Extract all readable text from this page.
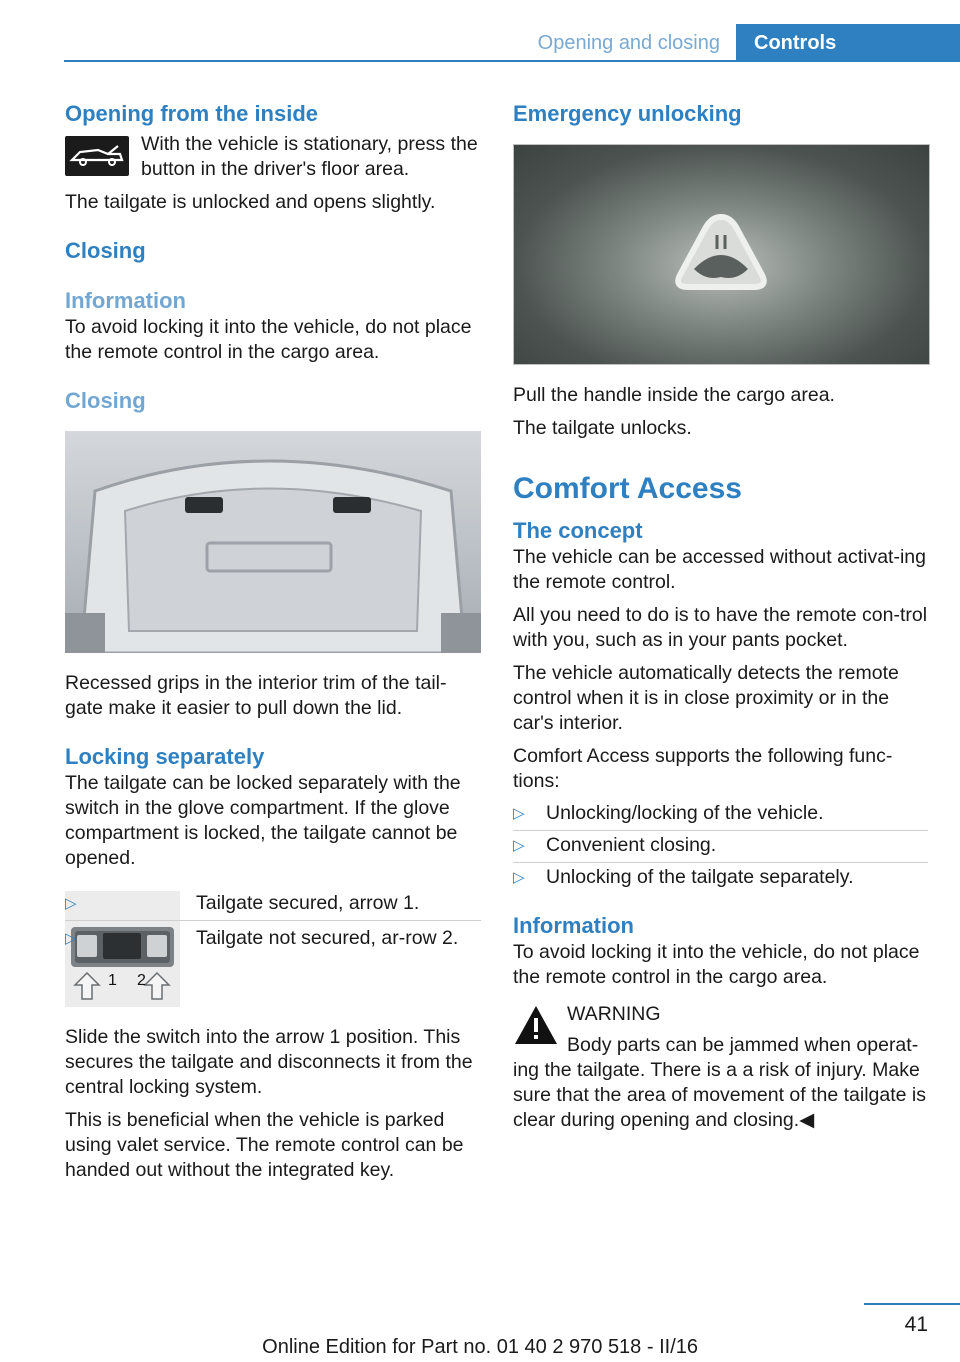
Opening and closing	Controls
Opening from the inside

With the vehicle is stationary, press the button in the driver's floor area.

The tailgate is unlocked and opens slightly.

Closing
Information

To avoid locking it into the vehicle, do not place the remote control in the cargo area.

Closing

Recessed grips in the interior trim of the tail‐gate make it easier to pull down the lid.

Locking separately

The tailgate can be locked separately with the switch in the glove compartment. If the glove compartment is locked, the tailgate cannot be opened.

1 2
▷	Tailgate secured, arrow 1.
▷	Tailgate not secured, ar‐row 2.

Slide the switch into the arrow 1 position. This secures the tailgate and disconnects it from the central locking system.

This is beneficial when the vehicle is parked using valet service. The remote control can be handed out without the integrated key.

Emergency unlocking

Pull the handle inside the cargo area.

The tailgate unlocks.

Comfort Access
The concept

The vehicle can be accessed without activat‐ing the remote control.

All you need to do is to have the remote con‐trol with you, such as in your pants pocket.

The vehicle automatically detects the remote control when it is in close proximity or in the car's interior.

Comfort Access supports the following func‐tions:

▷ Unlocking/locking of the vehicle.
▷ Convenient closing.
▷ Unlocking of the tailgate separately.
Information

To avoid locking it into the vehicle, do not place the remote control in the cargo area.

WARNING

Body parts can be jammed when operat‐ing the tailgate. There is a a risk of injury. Make sure that the area of movement of the tailgate is clear during opening and closing.◀

41
Online Edition for Part no. 01 40 2 970 518 - II/16
